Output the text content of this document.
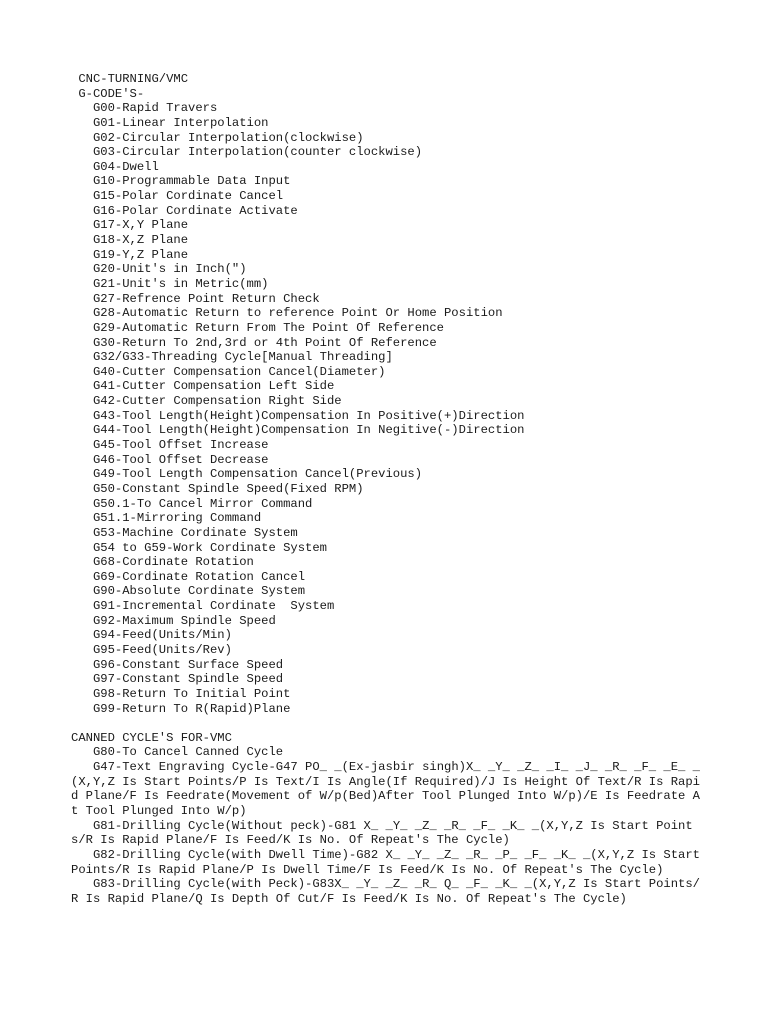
CNC-TURNING/VMC
G-CODE'S-
G00-Rapid Travers
G01-Linear Interpolation
G02-Circular Interpolation(clockwise)
G03-Circular Interpolation(counter clockwise)
G04-Dwell
G10-Programmable Data Input
G15-Polar Cordinate Cancel
G16-Polar Cordinate Activate
G17-X,Y Plane
G18-X,Z Plane
G19-Y,Z Plane
G20-Unit's in Inch(")
G21-Unit's in Metric(mm)
G27-Refrence Point Return Check
G28-Automatic Return to reference Point Or Home Position
G29-Automatic Return From The Point Of Reference
G30-Return To 2nd,3rd or 4th Point Of Reference
G32/G33-Threading Cycle[Manual Threading]
G40-Cutter Compensation Cancel(Diameter)
G41-Cutter Compensation Left Side
G42-Cutter Compensation Right Side
G43-Tool Length(Height)Compensation In Positive(+)Direction
G44-Tool Length(Height)Compensation In Negitive(-)Direction
G45-Tool Offset Increase
G46-Tool Offset Decrease
G49-Tool Length Compensation Cancel(Previous)
G50-Constant Spindle Speed(Fixed RPM)
G50.1-To Cancel Mirror Command
G51.1-Mirroring Command
G53-Machine Cordinate System
G54 to G59-Work Cordinate System
G68-Cordinate Rotation
G69-Cordinate Rotation Cancel
G90-Absolute Cordinate System
G91-Incremental Cordinate  System
G92-Maximum Spindle Speed
G94-Feed(Units/Min)
G95-Feed(Units/Rev)
G96-Constant Surface Speed
G97-Constant Spindle Speed
G98-Return To Initial Point
G99-Return To R(Rapid)Plane
CANNED CYCLE'S FOR-VMC
G80-To Cancel Canned Cycle
G47-Text Engraving Cycle-G47 PO_ _(Ex-jasbir singh)X_ _Y_ _Z_ _I_ _J_ _R_ _F_ _E_ _(X,Y,Z Is Start Points/P Is Text/I Is Angle(If Required)/J Is Height Of Text/R Is Rapid Plane/F Is Feedrate(Movement of W/p(Bed)After Tool Plunged Into W/p)/E Is Feedrate At Tool Plunged Into W/p)
G81-Drilling Cycle(Without peck)-G81 X_ _Y_ _Z_ _R_ _F_ _K_ _(X,Y,Z Is Start Points/R Is Rapid Plane/F Is Feed/K Is No. Of Repeat's The Cycle)
G82-Drilling Cycle(with Dwell Time)-G82 X_ _Y_ _Z_ _R_ _P_ _F_ _K_ _(X,Y,Z Is Start Points/R Is Rapid Plane/P Is Dwell Time/F Is Feed/K Is No. Of Repeat's The Cycle)
G83-Drilling Cycle(with Peck)-G83X_ _Y_ _Z_ _R_ Q_ _F_ _K_ _(X,Y,Z Is Start Points/R Is Rapid Plane/Q Is Depth Of Cut/F Is Feed/K Is No. Of Repeat's The Cycle)
